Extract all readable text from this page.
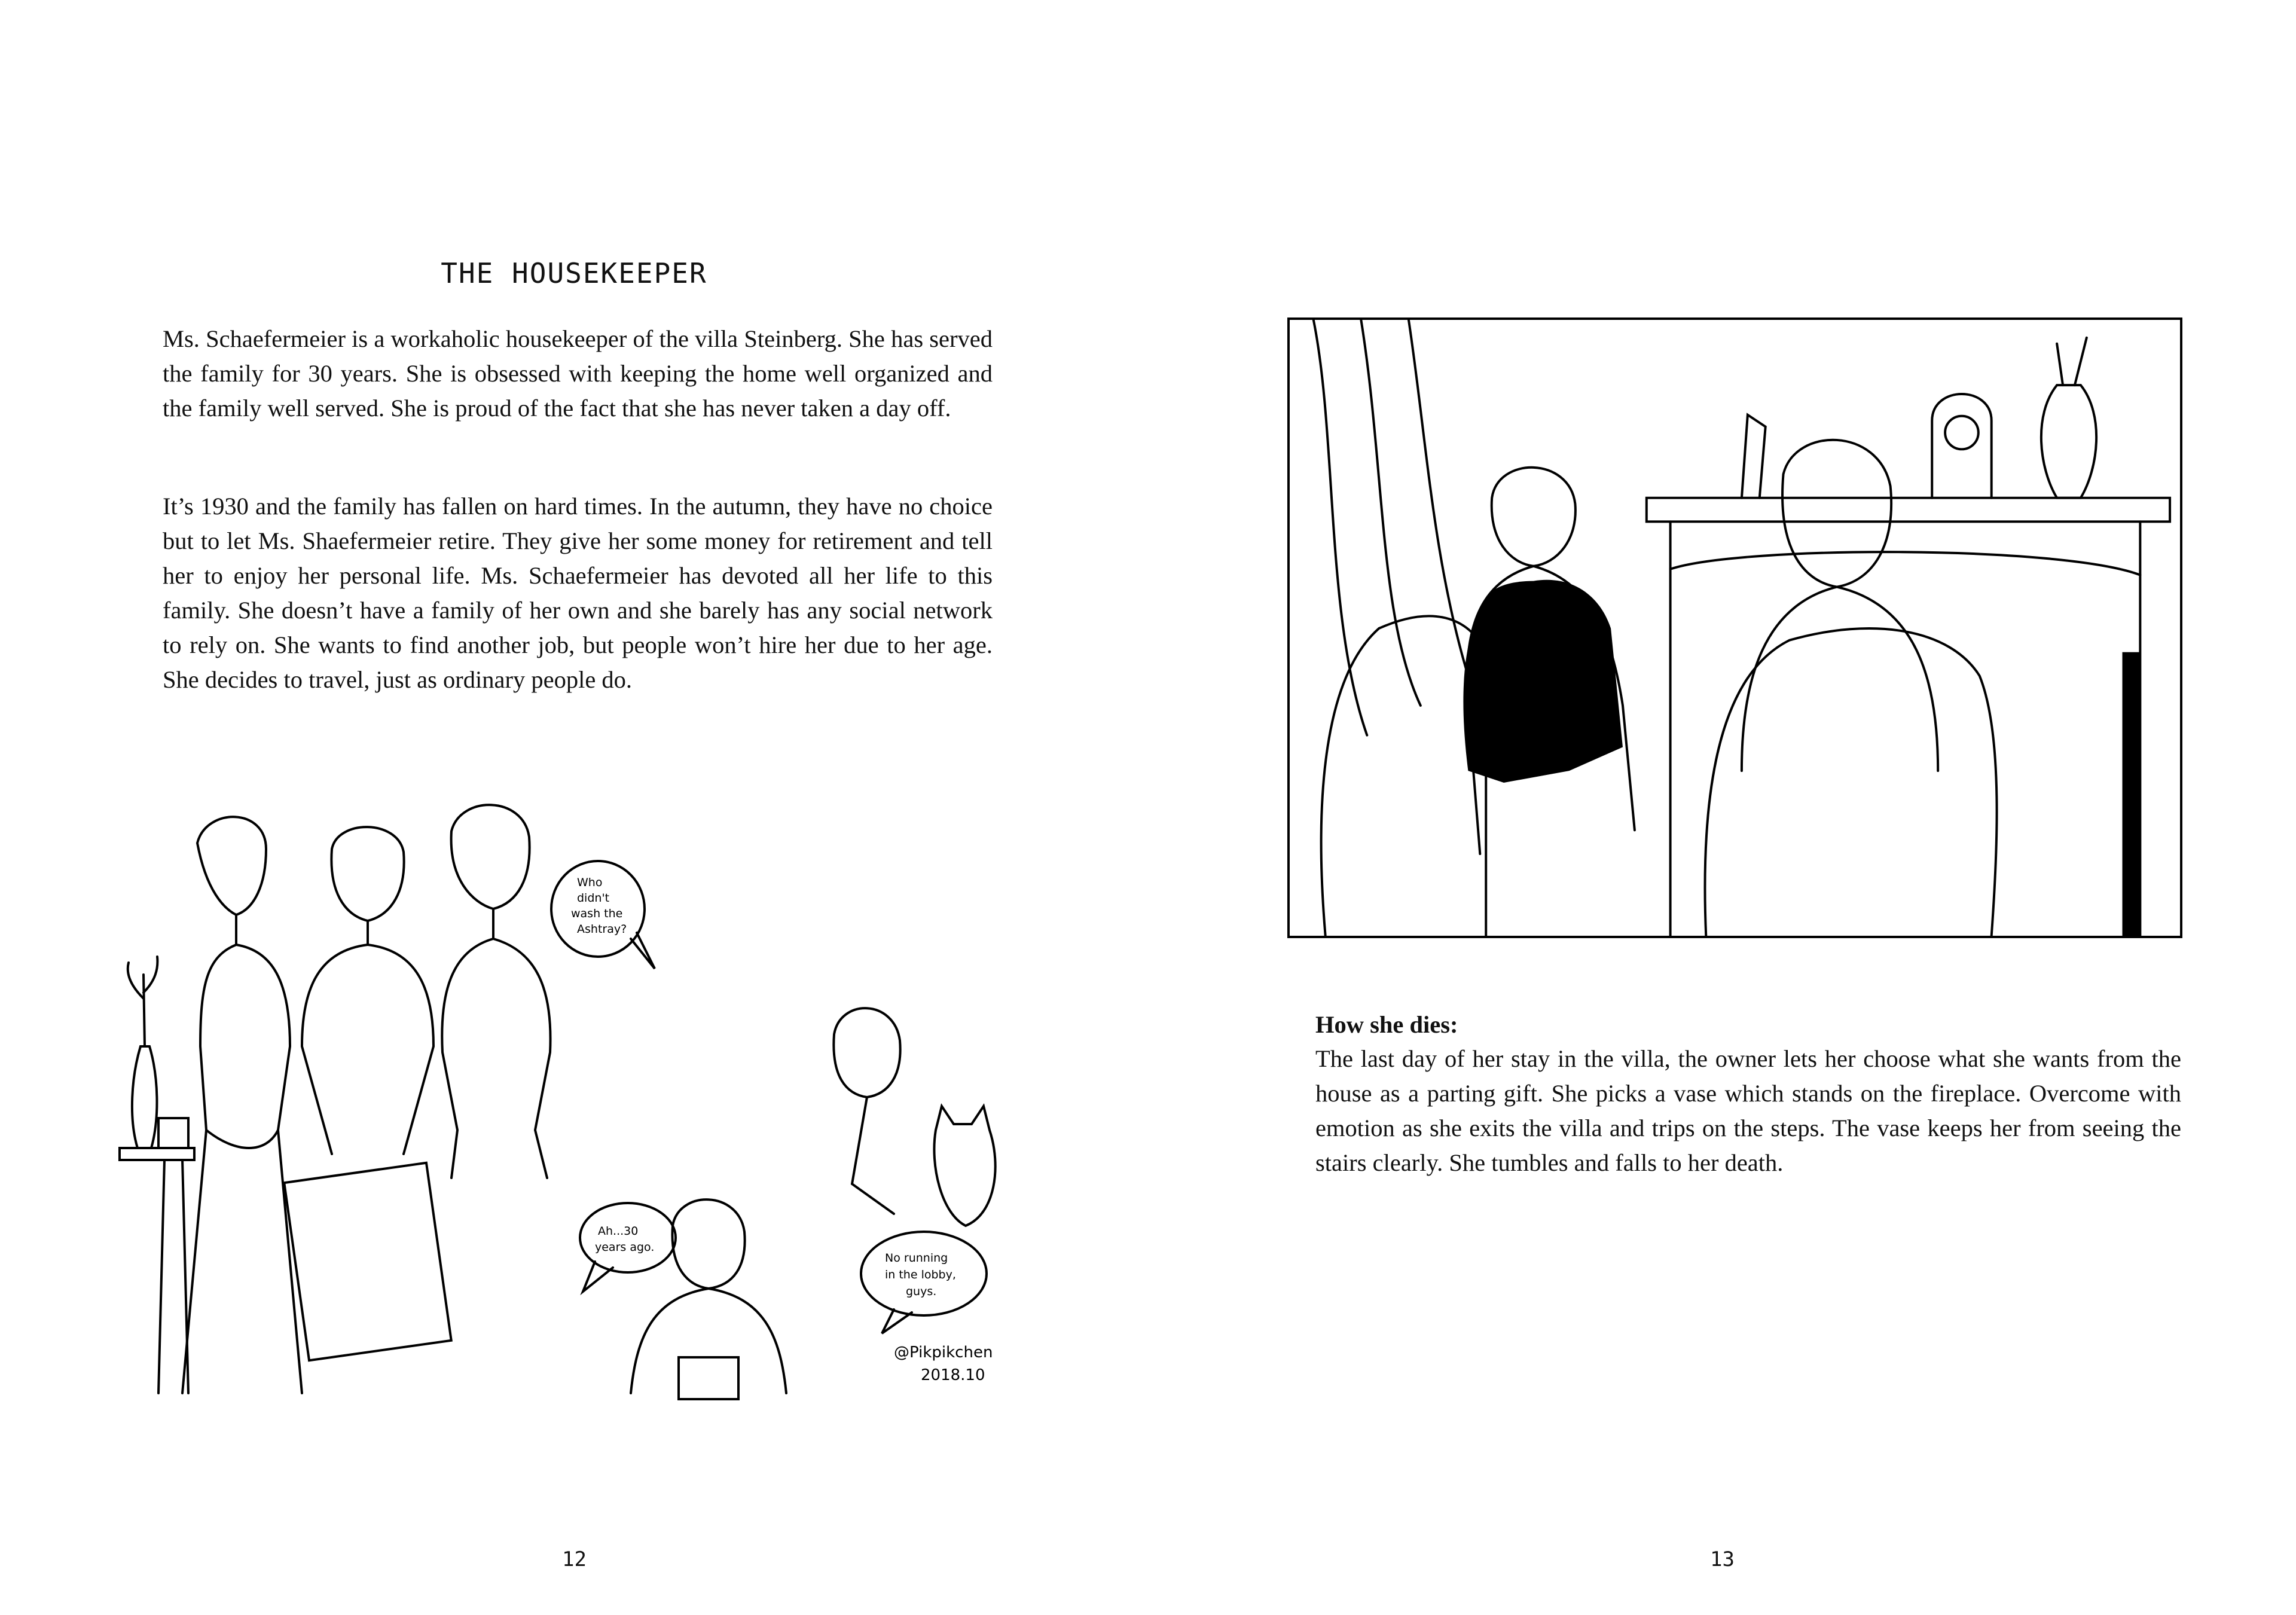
THE HOUSEKEEPER

Ms. Schaefermeier is a workaholic housekeeper of the villa Steinberg. She has served the family for 30 years. She is obsessed with keeping the home well organized and the family well served. She is proud of the fact that she has never taken a day off.

It’s 1930 and the family has fallen on hard times. In the autumn, they have no choice but to let Ms. Shaefermeier retire. They give her some money for retirement and tell her to enjoy her personal life. Ms. Schaefermeier has devoted all her life to this family. She doesn’t have a family of her own and she barely has any social network to rely on. She wants to find another job, but people won’t hire her due to her age. She decides to travel, just as ordinary people do.

Who
didn't
wash the
Ashtray?
Ah...30
years ago.
No running
in the lobby,
guys.
@Pikpikchen
2018.10
12

How she dies:

The last day of her stay in the villa, the owner lets her choose what she wants from the house as a parting gift. She picks a vase which stands on the fireplace. Overcome with emotion as she exits the villa and trips on the steps. The vase keeps her from seeing the stairs clearly. She tumbles and falls to her death.

13
